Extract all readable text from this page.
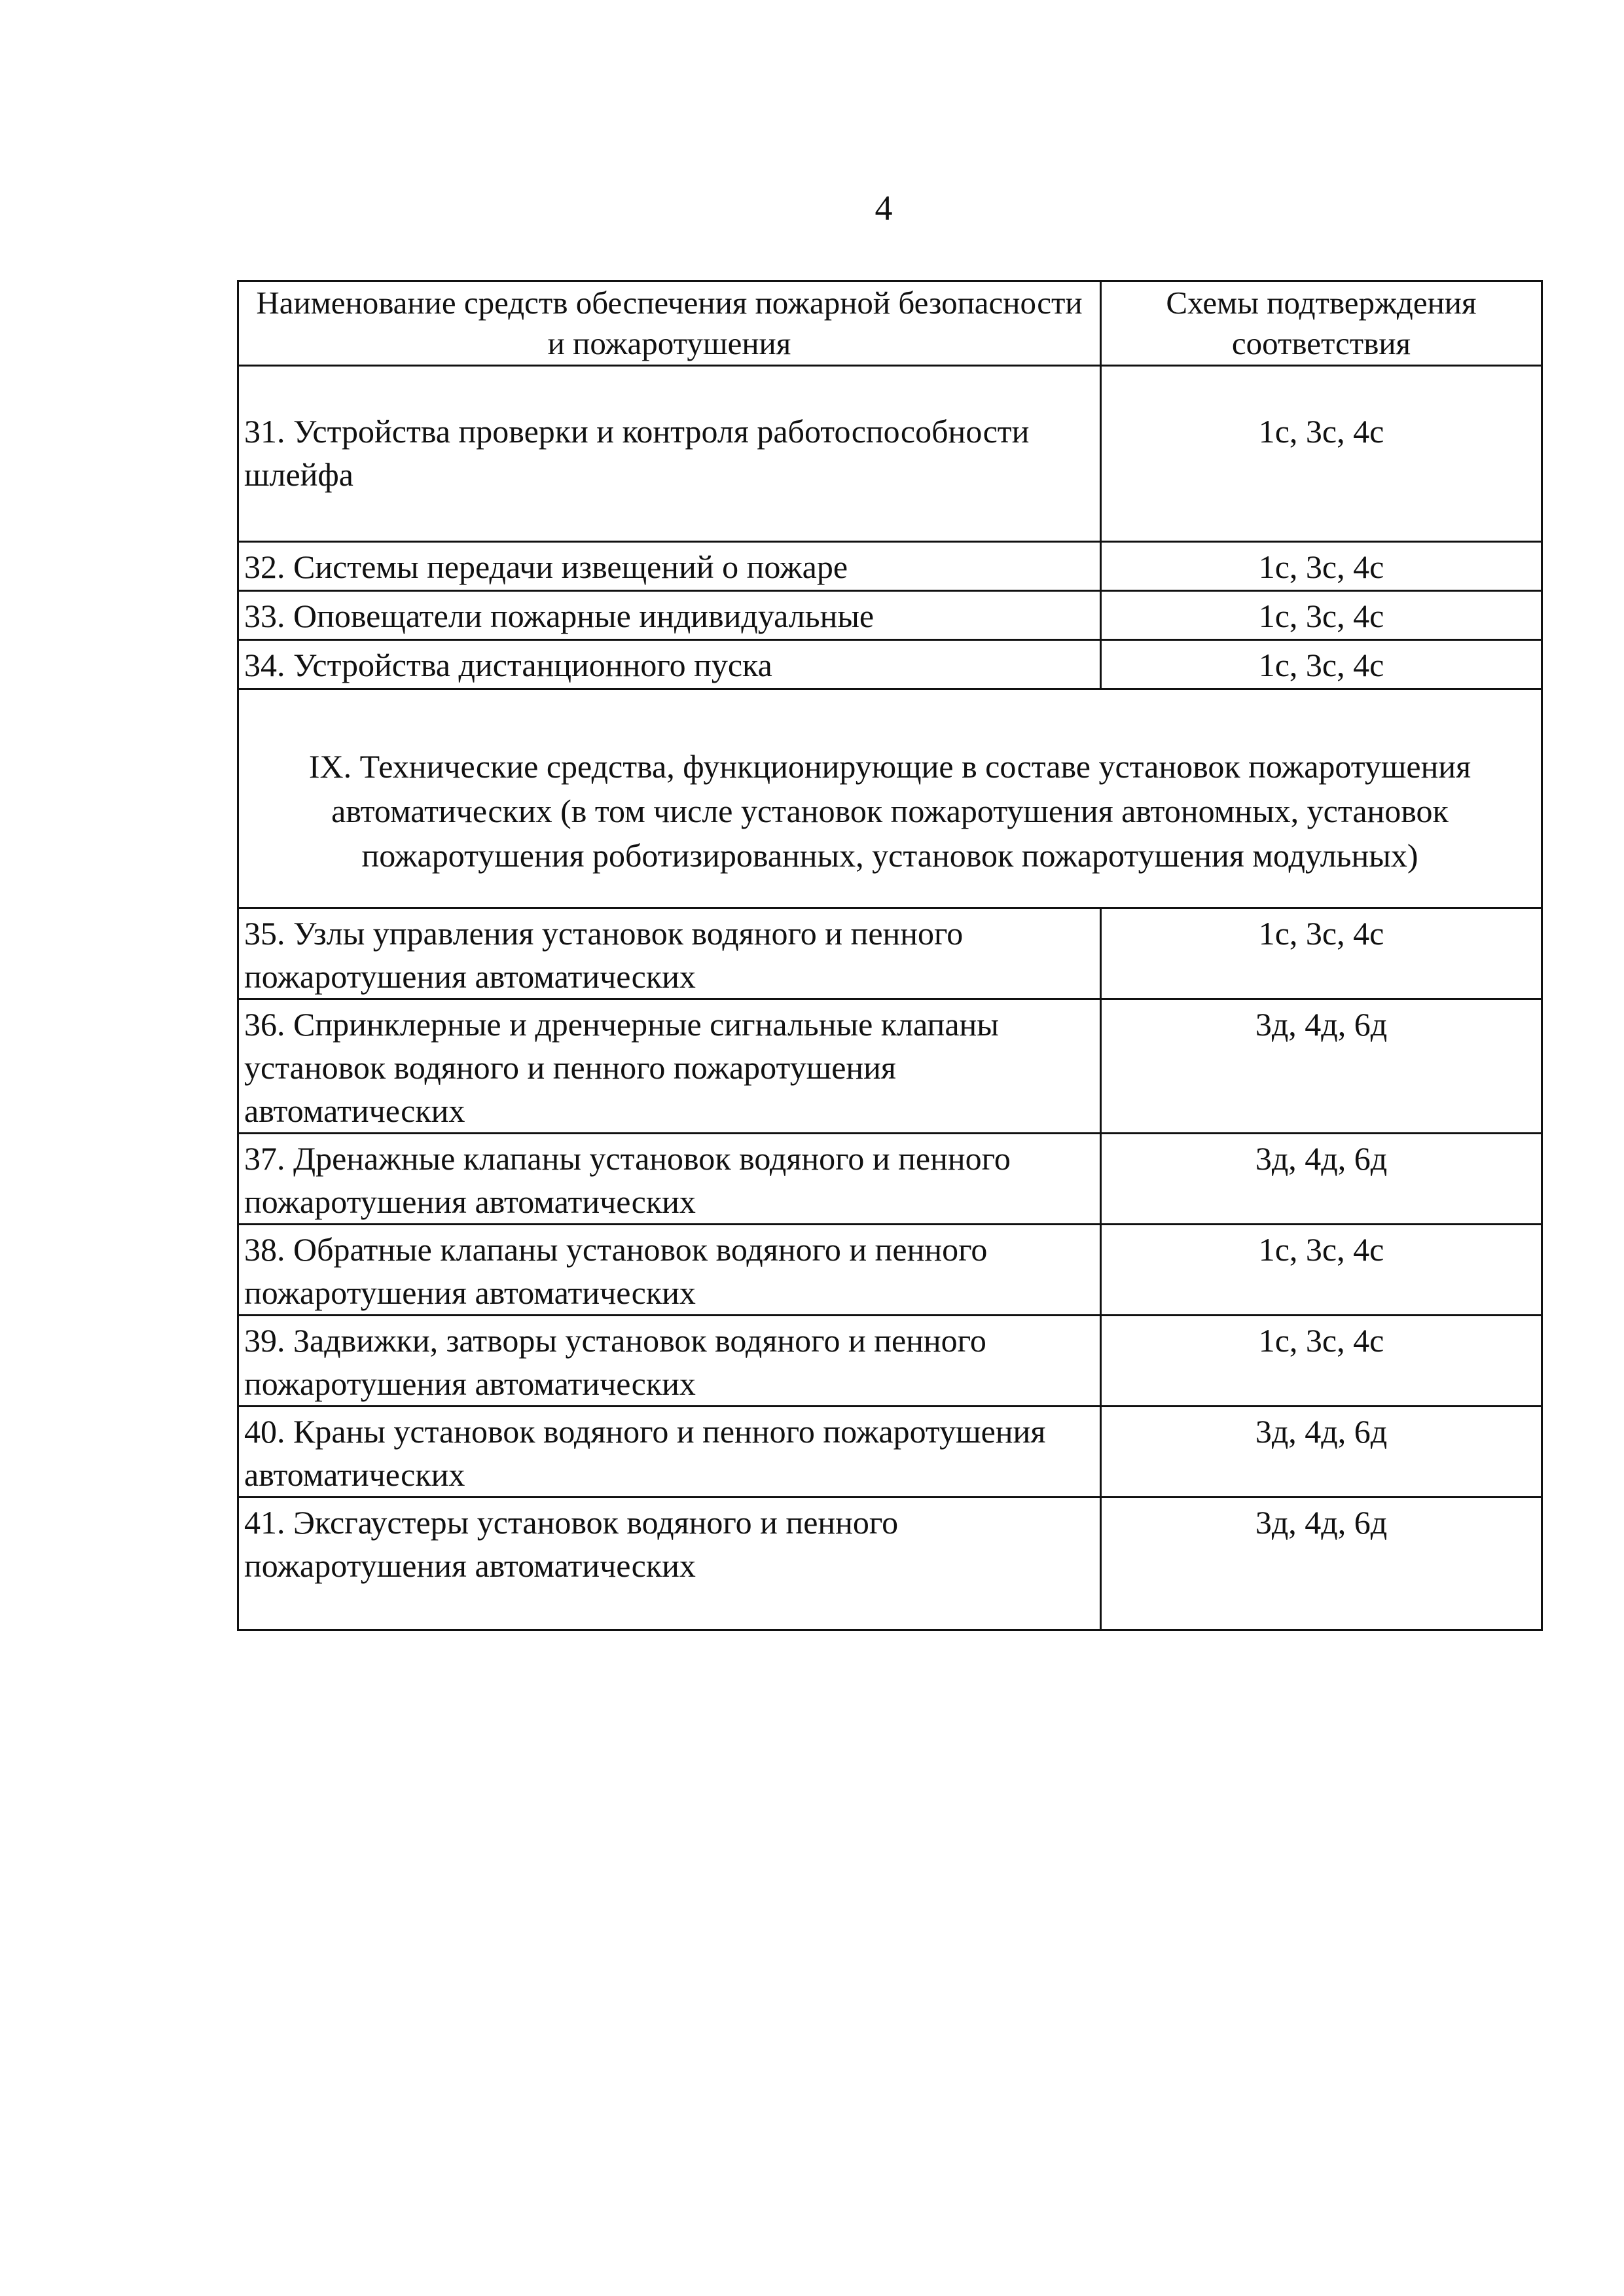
4
Наименование средств обеспечения пожарной безопасности и пожаротушения	Схемы подтверждения соответствия
31. Устройства проверки и контроля работоспособности шлейфа	1с, 3с, 4с
32. Системы передачи извещений о пожаре	1с, 3с, 4с
33. Оповещатели пожарные индивидуальные	1с, 3с, 4с
34. Устройства дистанционного пуска	1с, 3с, 4с
IX. Технические средства, функционирующие в составе установок пожаротушения автоматических (в том числе установок пожаротушения автономных, установок пожаротушения роботизированных, установок пожаротушения модульных)	
35. Узлы управления установок водяного и пенного пожаротушения автоматических	1с, 3с, 4с
36. Спринклерные и дренчерные сигнальные клапаны установок водяного и пенного пожаротушения автоматических	3д, 4д, 6д
37. Дренажные клапаны установок водяного и пенного пожаротушения автоматических	3д, 4д, 6д
38. Обратные клапаны установок водяного и пенного пожаротушения автоматических	1с, 3с, 4с
39. Задвижки, затворы установок водяного и пенного пожаротушения автоматических	1с, 3с, 4с
40. Краны установок водяного и пенного пожаротушения автоматических	3д, 4д, 6д
41. Эксгаустеры установок водяного и пенного пожаротушения автоматических	3д, 4д, 6д
